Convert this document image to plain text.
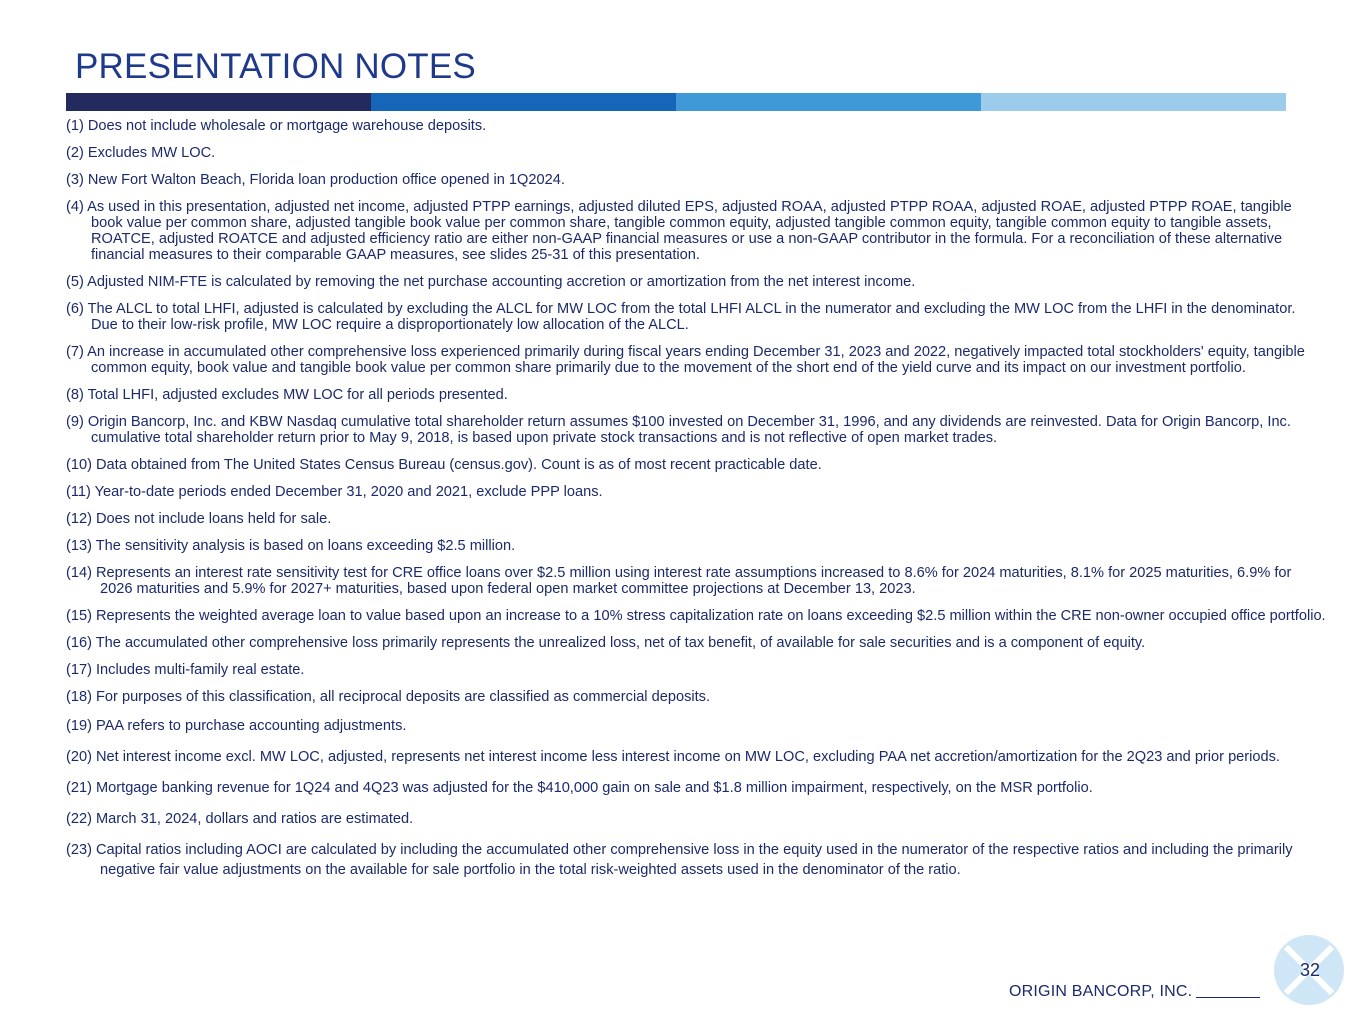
PRESENTATION NOTES
(1) Does not include wholesale or mortgage warehouse deposits.
(2) Excludes MW LOC.
(3) New Fort Walton Beach, Florida loan production office opened in 1Q2024.
(4) As used in this presentation, adjusted net income, adjusted PTPP earnings, adjusted diluted EPS, adjusted ROAA, adjusted PTPP ROAA, adjusted ROAE, adjusted PTPP ROAE, tangible book value per common share, adjusted tangible book value per common share, tangible common equity, adjusted tangible common equity, tangible common equity to tangible assets, ROATCE, adjusted ROATCE and adjusted efficiency ratio are either non-GAAP financial measures or use a non-GAAP contributor in the formula. For a reconciliation of these alternative financial measures to their comparable GAAP measures, see slides 25-31 of this presentation.
(5) Adjusted NIM-FTE is calculated by removing the net purchase accounting accretion or amortization from the net interest income.
(6) The ALCL to total LHFI, adjusted is calculated by excluding the ALCL for MW LOC from the total LHFI ALCL in the numerator and excluding the MW LOC from the LHFI in the denominator. Due to their low-risk profile, MW LOC require a disproportionately low allocation of the ALCL.
(7) An increase in accumulated other comprehensive loss experienced primarily during fiscal years ending December 31, 2023 and 2022, negatively impacted total stockholders' equity, tangible common equity, book value and tangible book value per common share primarily due to the movement of the short end of the yield curve and its impact on our investment portfolio.
(8) Total LHFI, adjusted excludes MW LOC for all periods presented.
(9) Origin Bancorp, Inc. and KBW Nasdaq cumulative total shareholder return assumes $100 invested on December 31, 1996, and any dividends are reinvested. Data for Origin Bancorp, Inc. cumulative total shareholder return prior to May 9, 2018, is based upon private stock transactions and is not reflective of open market trades.
(10) Data obtained from The United States Census Bureau (census.gov). Count is as of most recent practicable date.
(11) Year-to-date periods ended December 31, 2020 and 2021, exclude PPP loans.
(12) Does not include loans held for sale.
(13) The sensitivity analysis is based on loans exceeding $2.5 million.
(14) Represents an interest rate sensitivity test for CRE office loans over $2.5 million using interest rate assumptions increased to 8.6% for 2024 maturities, 8.1% for 2025 maturities, 6.9% for 2026 maturities and 5.9% for 2027+ maturities, based upon federal open market committee projections at December 13, 2023.
(15) Represents the weighted average loan to value based upon an increase to a 10% stress capitalization rate on loans exceeding $2.5 million within the CRE non-owner occupied office portfolio.
(16) The accumulated other comprehensive loss primarily represents the unrealized loss, net of tax benefit, of available for sale securities and is a component of equity.
(17) Includes multi-family real estate.
(18) For purposes of this classification, all reciprocal deposits are classified as commercial deposits.
(19) PAA refers to purchase accounting adjustments.
(20) Net interest income excl. MW LOC, adjusted, represents net interest income less interest income on MW LOC, excluding PAA net accretion/amortization for the 2Q23 and prior periods.
(21) Mortgage banking revenue for 1Q24 and 4Q23 was adjusted for the $410,000 gain on sale and $1.8 million impairment, respectively, on the MSR portfolio.
(22) March 31, 2024, dollars and ratios are estimated.
(23) Capital ratios including AOCI are calculated by including the accumulated other comprehensive loss in the equity used in the numerator of the respective ratios and including the primarily negative fair value adjustments on the available for sale portfolio in the total risk-weighted assets used in the denominator of the ratio.
ORIGIN BANCORP, INC.
32
